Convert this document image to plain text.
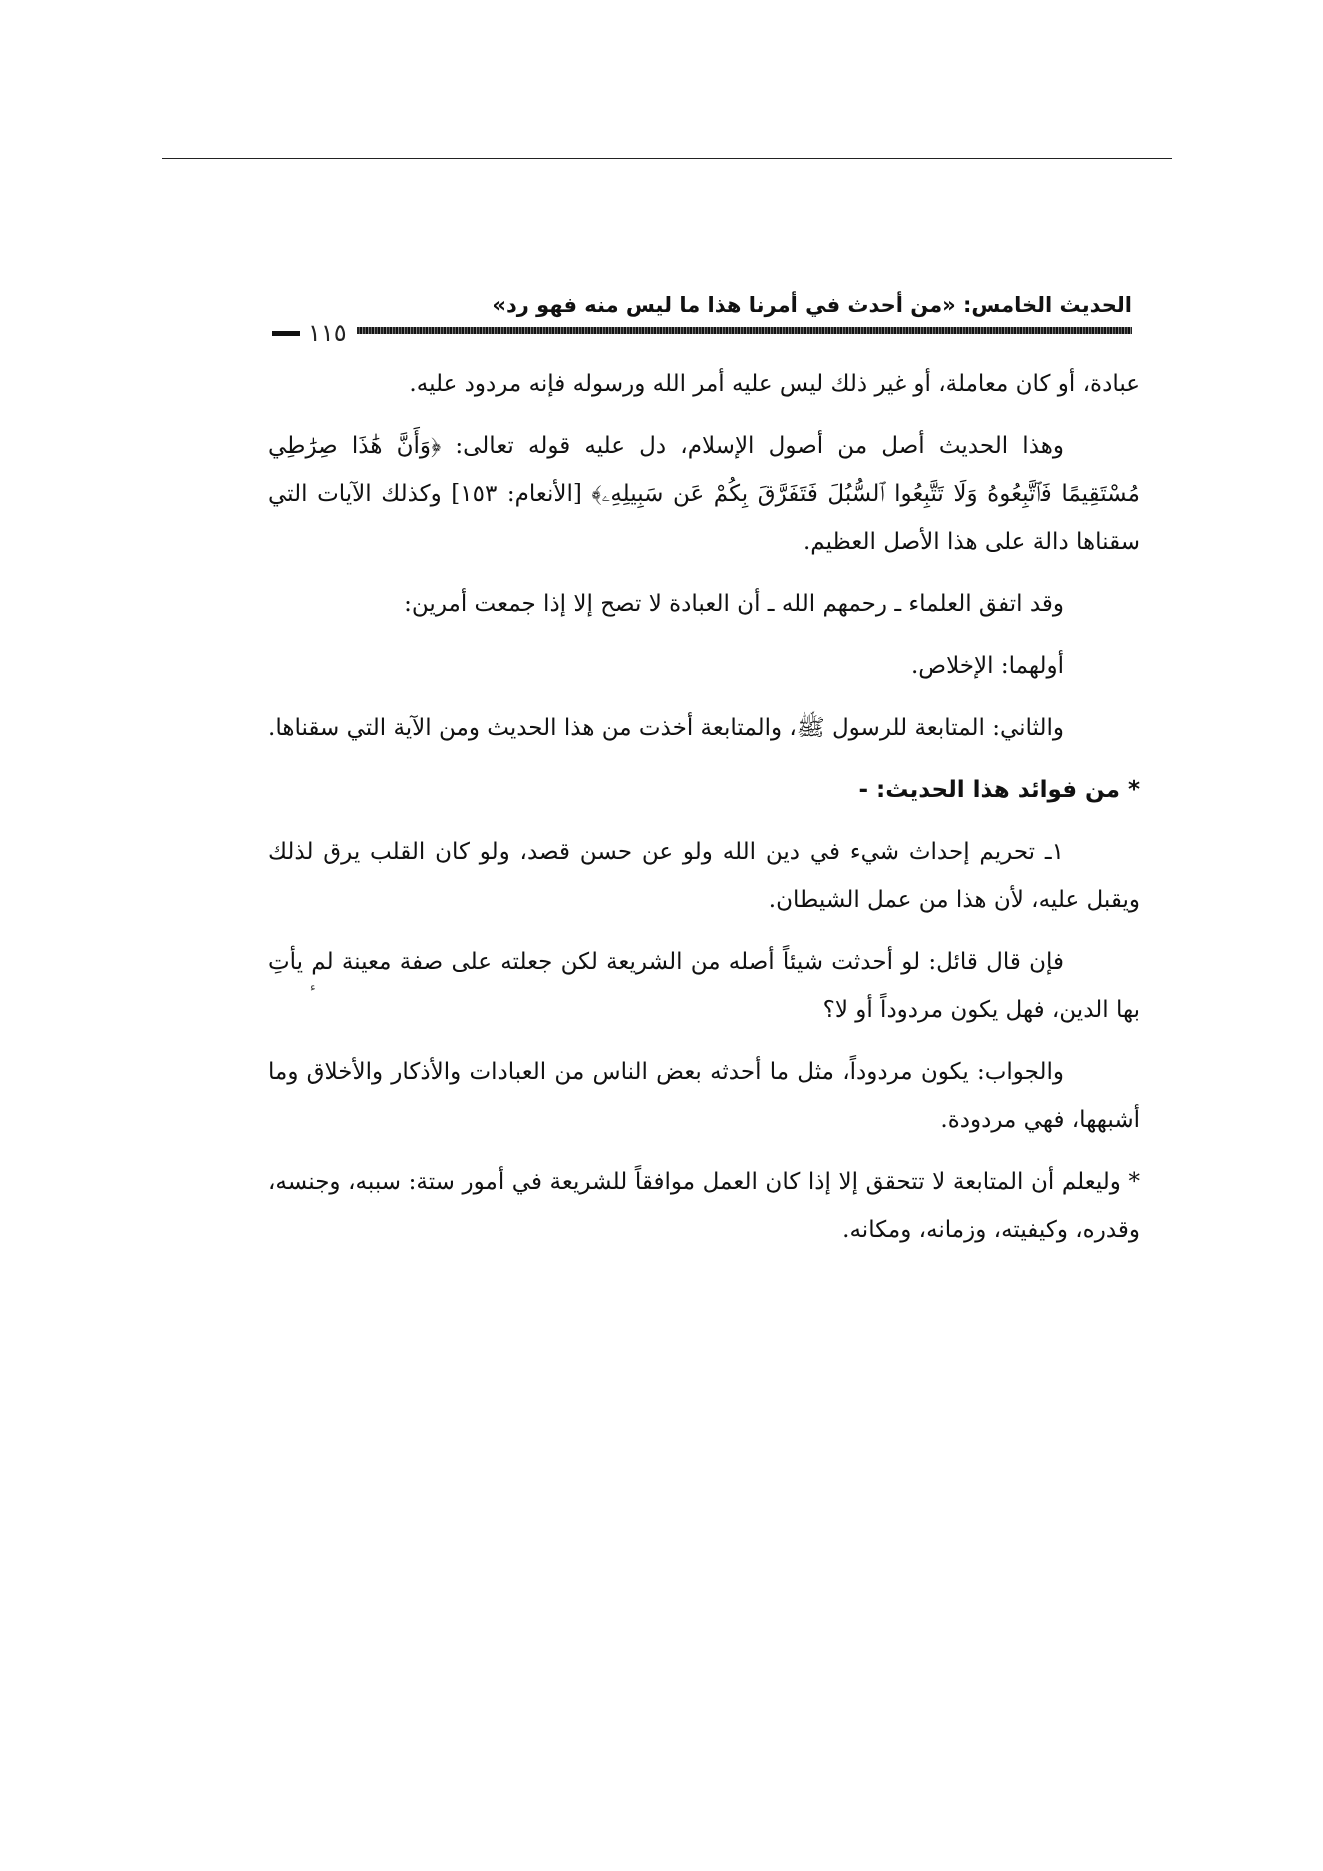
الحديث الخامس: «من أحدث في أمرنا هذا ما ليس منه فهو رد»
١١٥
ء

عبادة، أو كان معاملة، أو غير ذلك ليس عليه أمر الله ورسوله فإنه مردود عليه.

وهذا الحديث أصل من أصول الإسلام، دل عليه قوله تعالى: ﴿وَأَنَّ هَٰذَا صِرَٰطِي مُسْتَقِيمًا فَٱتَّبِعُوهُ وَلَا تَتَّبِعُوا ٱلسُّبُلَ فَتَفَرَّقَ بِكُمْ عَن سَبِيلِهِۦ﴾ [الأنعام: ١٥٣] وكذلك الآيات التي سقناها دالة على هذا الأصل العظيم.

وقد اتفق العلماء ـ رحمهم الله ـ أن العبادة لا تصح إلا إذا جمعت أمرين:

أولهما: الإخلاص.

والثاني: المتابعة للرسول ﷺ، والمتابعة أخذت من هذا الحديث ومن الآية التي سقناها.

* من فوائد هذا الحديث: -

١ـ تحريم إحداث شيء في دين الله ولو عن حسن قصد، ولو كان القلب يرق لذلك ويقبل عليه، لأن هذا من عمل الشيطان.

فإن قال قائل: لو أحدثت شيئاً أصله من الشريعة لكن جعلته على صفة معينة لم يأتِ بها الدين، فهل يكون مردوداً أو لا؟

والجواب: يكون مردوداً، مثل ما أحدثه بعض الناس من العبادات والأذكار والأخلاق وما أشبهها، فهي مردودة.

* وليعلم أن المتابعة لا تتحقق إلا إذا كان العمل موافقاً للشريعة في أمور ستة: سببه، وجنسه، وقدره، وكيفيته، وزمانه، ومكانه.
